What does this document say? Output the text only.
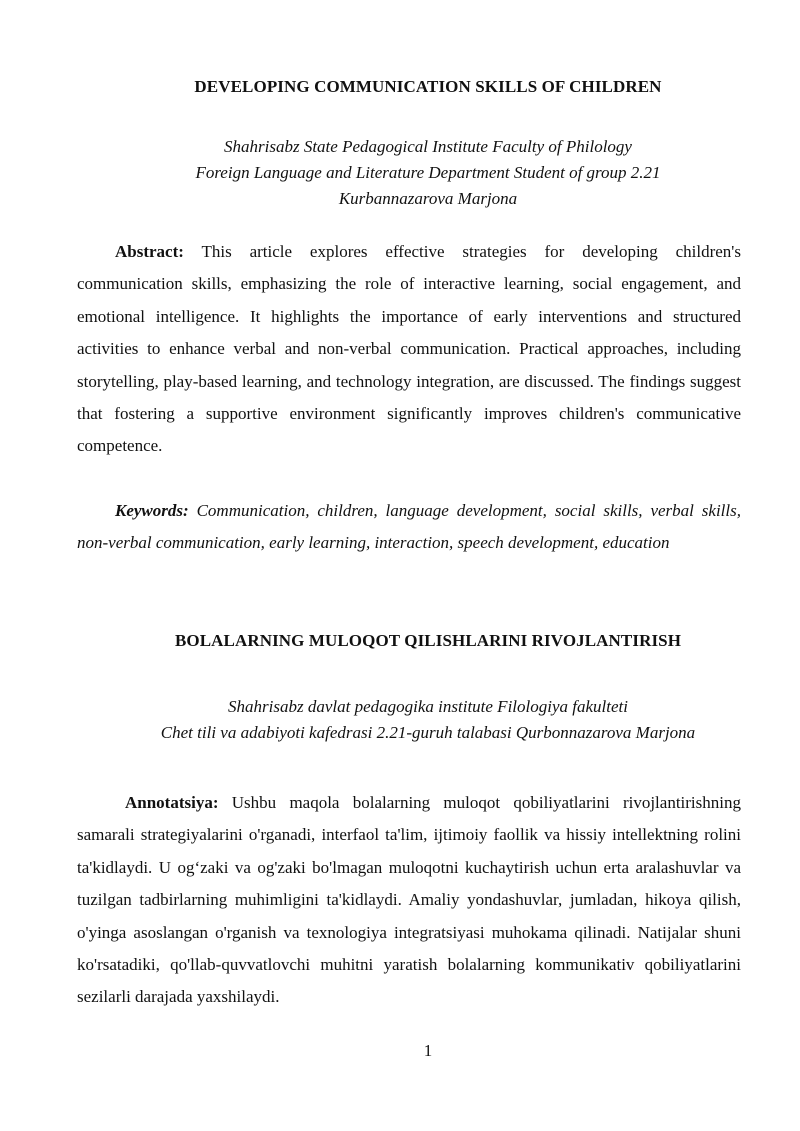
DEVELOPING COMMUNICATION SKILLS OF CHILDREN
Shahrisabz State Pedagogical Institute Faculty of Philology
Foreign Language and Literature Department Student of group 2.21
Kurbannazarova Marjona
Abstract: This article explores effective strategies for developing children's communication skills, emphasizing the role of interactive learning, social engagement, and emotional intelligence. It highlights the importance of early interventions and structured activities to enhance verbal and non-verbal communication. Practical approaches, including storytelling, play-based learning, and technology integration, are discussed. The findings suggest that fostering a supportive environment significantly improves children's communicative competence.
Keywords: Communication, children, language development, social skills, verbal skills, non-verbal communication, early learning, interaction, speech development, education
BOLALARNING MULOQOT QILISHLARINI RIVOJLANTIRISH
Shahrisabz davlat pedagogika institute Filologiya fakulteti
Chet tili va adabiyoti kafedrasi 2.21-guruh talabasi Qurbonnazarova Marjona
Annotatsiya: Ushbu maqola bolalarning muloqot qobiliyatlarini rivojlantirishning samarali strategiyalarini o'rganadi, interfaol ta'lim, ijtimoiy faollik va hissiy intellektning rolini ta'kidlaydi. U og‘zaki va og'zaki bo'lmagan muloqotni kuchaytirish uchun erta aralashuvlar va tuzilgan tadbirlarning muhimligini ta'kidlaydi. Amaliy yondashuvlar, jumladan, hikoya qilish, o'yinga asoslangan o'rganish va texnologiya integratsiyasi muhokama qilinadi. Natijalar shuni ko'rsatadiki, qo'llab-quvvatlovchi muhitni yaratish bolalarning kommunikativ qobiliyatlarini sezilarli darajada yaxshilaydi.
1
